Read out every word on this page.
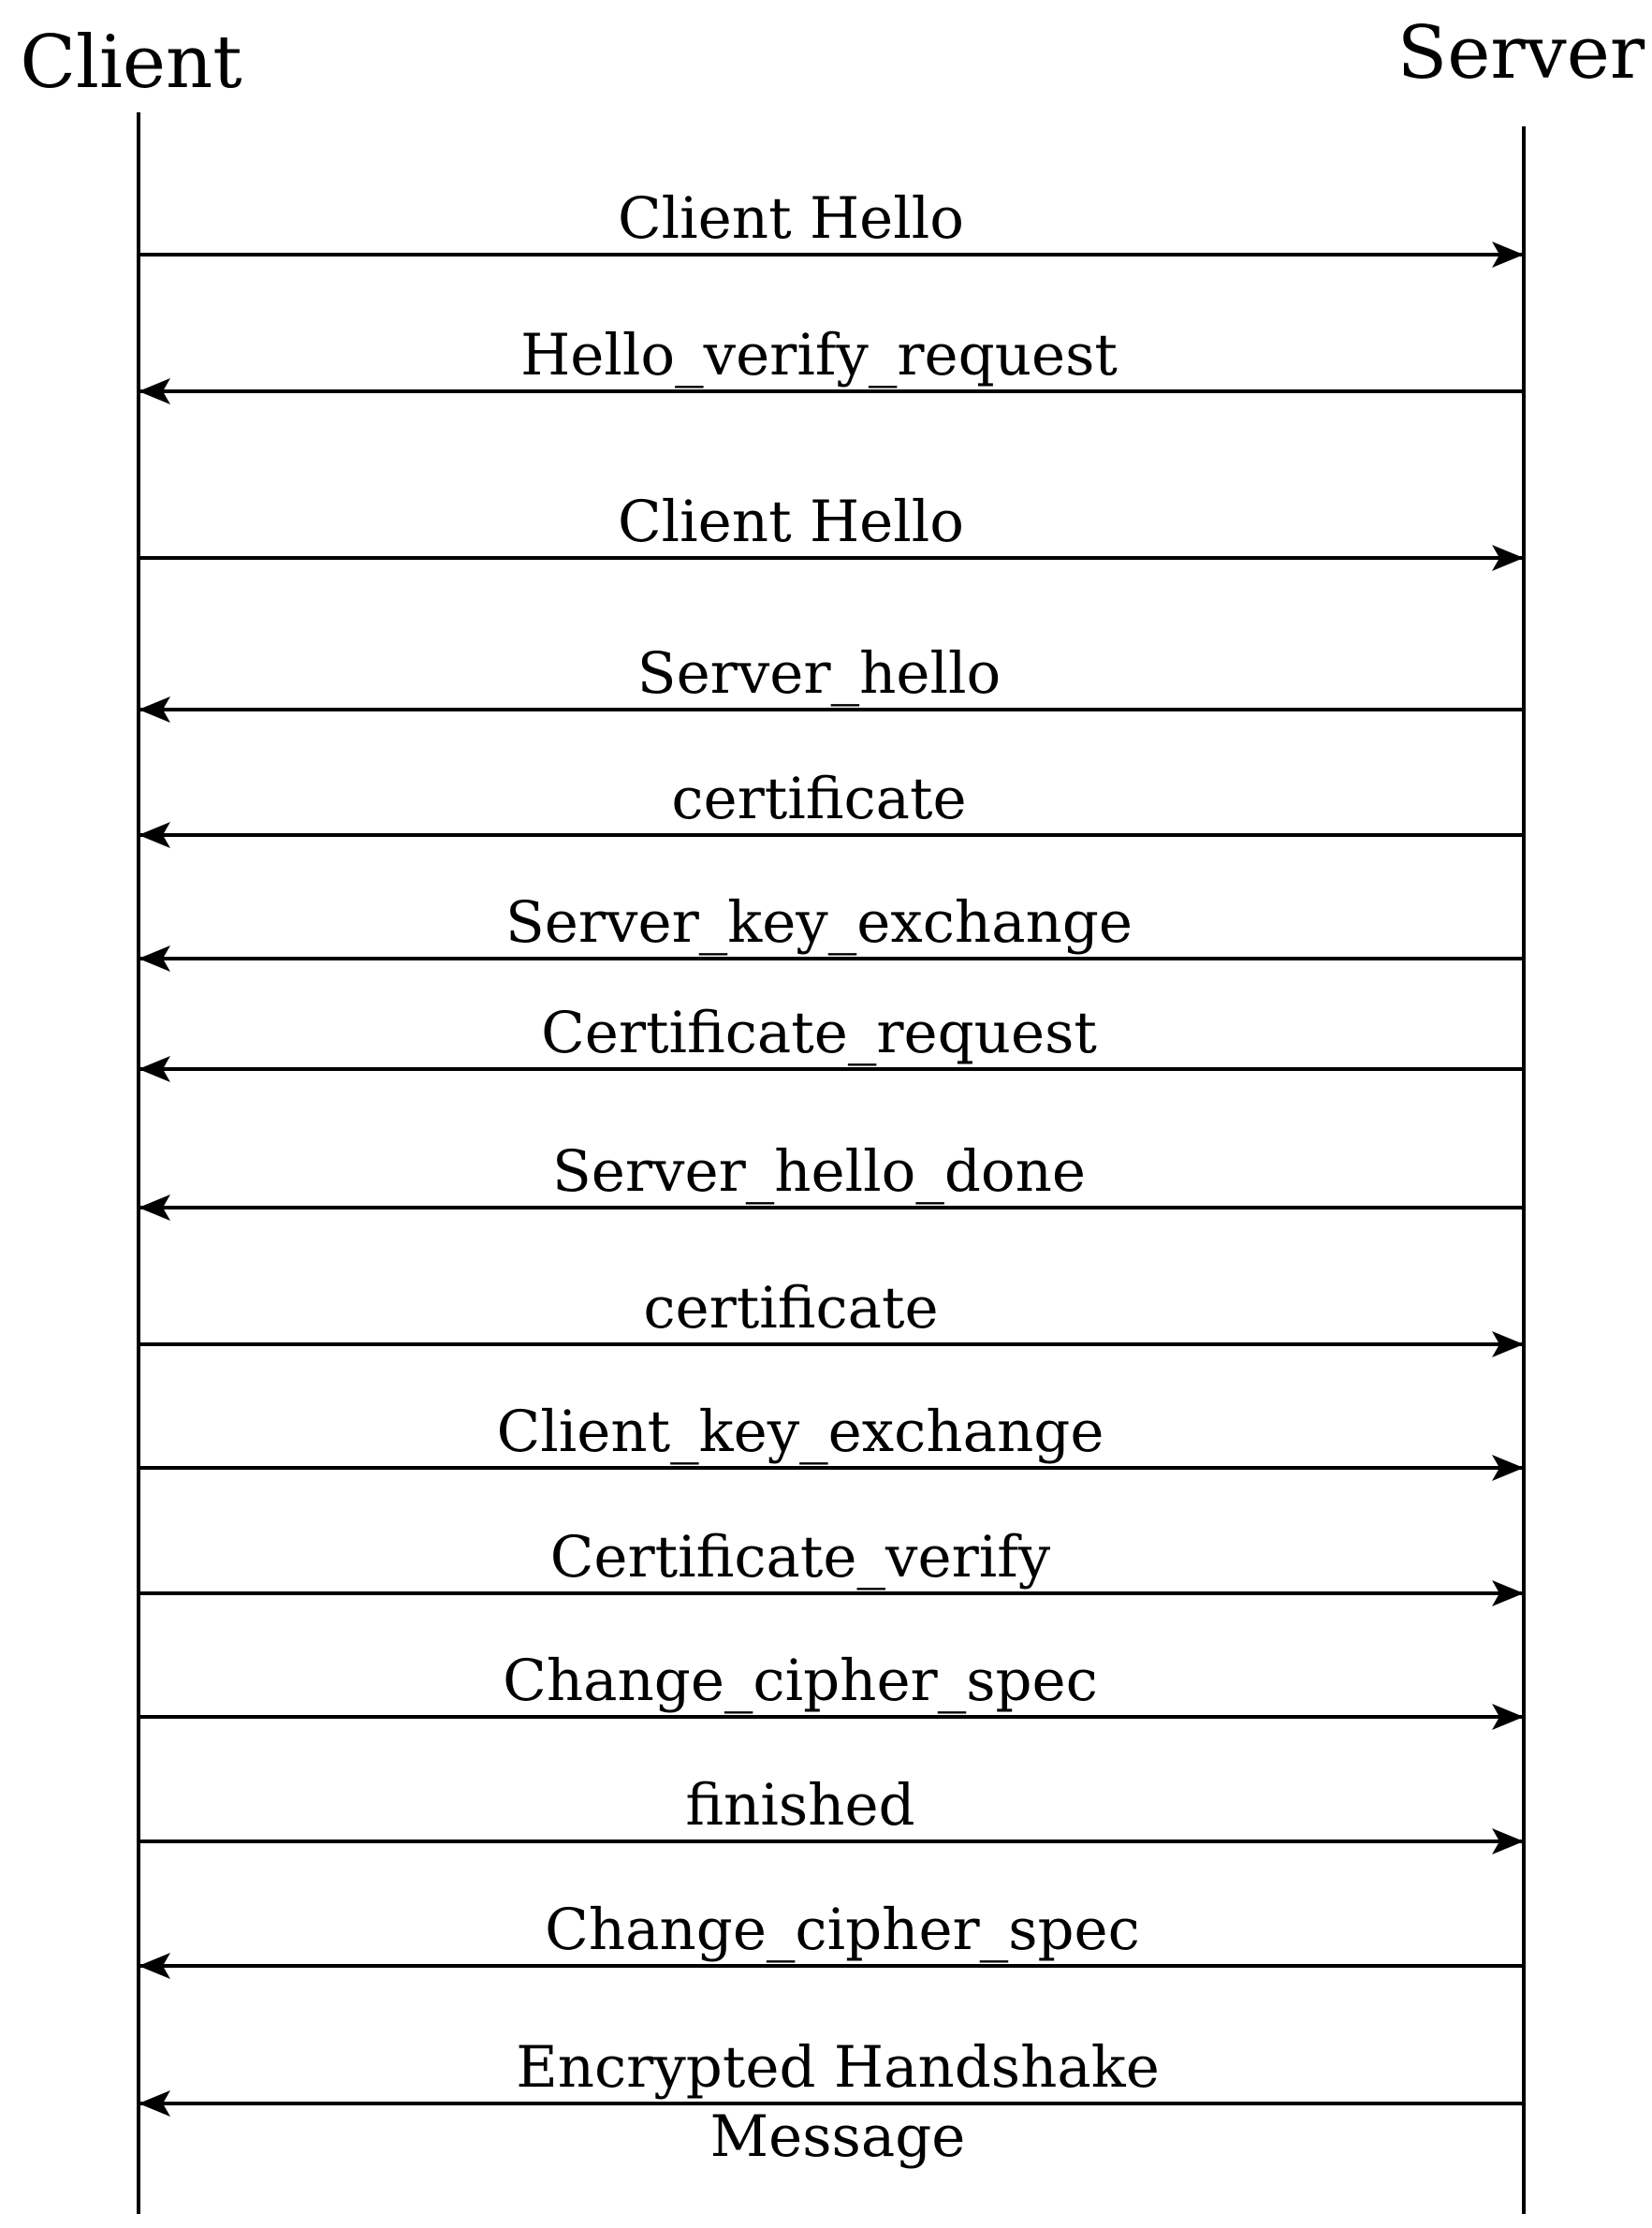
Client	Server
Client Hello
Hello_verify_request
Client Hello
Server_hello
certificate
Server_key_exchange
Certificate_request
Server_hello_done
certificate
Client_key_exchange
Certificate_verify
Change_cipher_spec
finished
Change_cipher_spec
Encrypted Handshake
Message
